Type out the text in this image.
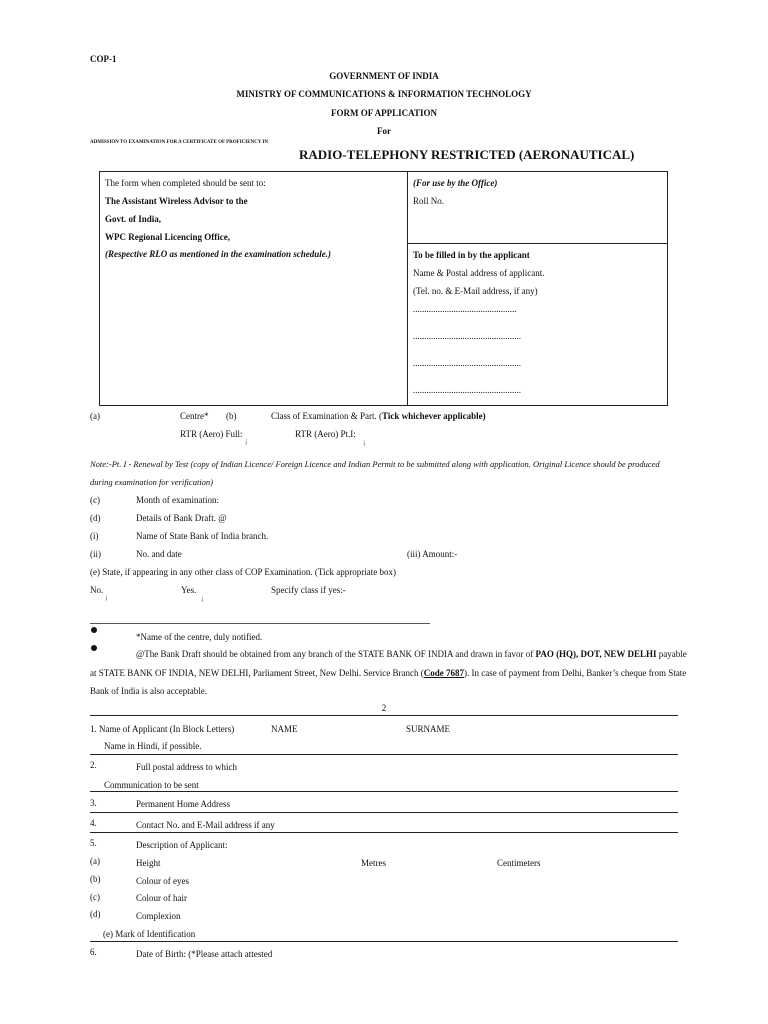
COP-1
GOVERNMENT OF INDIA
MINISTRY OF COMMUNICATIONS & INFORMATION TECHNOLOGY
FORM OF APPLICATION
For
ADMISSION TO EXAMINATION FOR A CERTIFICATE OF PROFICIENCY IN
RADIO-TELEPHONY RESTRICTED (AERONAUTICAL)
The form when completed should be sent to:
The Assistant Wireless Advisor to the
Govt. of India,
WPC Regional Licencing Office,
(Respective RLO as mentioned in the examination schedule.)
(For use by the Office)
Roll No.
To be filled in by the applicant
Name & Postal address of applicant.
(Tel. no. & E-Mail address, if any)
..............................................
................................................
................................................
................................................
(a)	Centre* (b)	Class of Examination & Part. (Tick whichever applicable)
RTR (Aero) Full:
¡
RTR (Aero) Pt.I:
¡
Note:-Pt. I - Renewal by Test (copy of Indian Licence/ Foreign Licence and Indian Permit to be submitted along with application. Original Licence should be produced
during examination for verification)
(c)	Month of examination:
(d)	Details of Bank Draft. @
(i)	Name of State Bank of India branch.
(ii)	No. and date	(iii) Amount:-
(e) State, if appearing in any other class of COP Examination. (Tick appropriate box)
No.
¡
Yes.
¡
Specify class if yes:-
*Name of the centre, duly notified.
@The Bank Draft should be obtained from any branch of the STATE BANK OF INDIA and drawn in favor of PAO (HQ), DOT, NEW DELHI payable
at STATE BANK OF INDIA, NEW DELHI, Parliament Street, New Delhi. Service Branch (Code 7687). In case of payment from Delhi, Banker’s cheque from State
Bank of India is also acceptable.
2
1. Name of Applicant (In Block Letters)	NAME	SURNAME
Name in Hindi, if possible.
2.	Full postal address to which
Communication to be sent
3.	Permanent Home Address
4.	Contact No. and E-Mail address if any
5.	Description of Applicant:
(a)	Height	Metres	Centimeters
(b)	Colour of eyes
(c)	Colour of hair
(d)	Complexion
(e) Mark of Identification
6.	Date of Birth: (*Please attach attested
